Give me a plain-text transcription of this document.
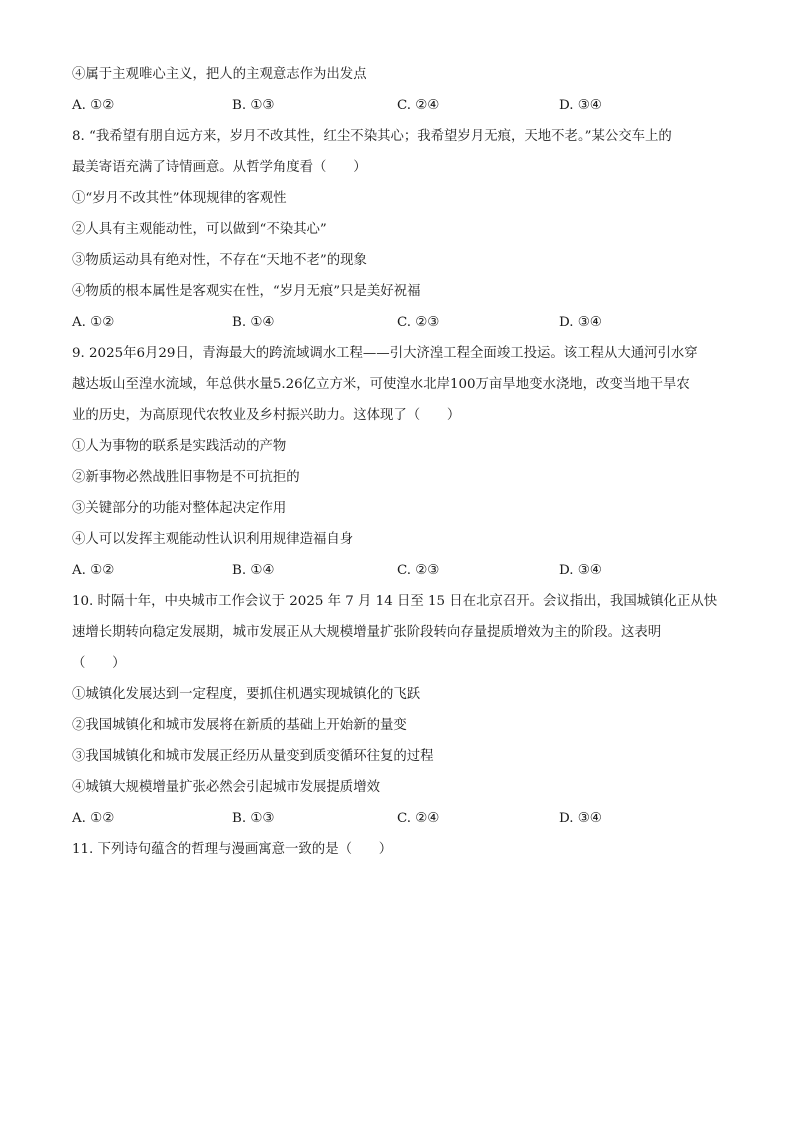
④属于主观唯心主义，把人的主观意志作为出发点
A. ①②	B. ①③	C. ②④	D. ③④
8. “我希望有朋自远方来，岁月不改其性，红尘不染其心；我希望岁月无痕，天地不老。”某公交车上的
最美寄语充满了诗情画意。从哲学角度看（　　）
①“岁月不改其性”体现规律的客观性
②人具有主观能动性，可以做到“不染其心”
③物质运动具有绝对性，不存在“天地不老”的现象
④物质的根本属性是客观实在性，“岁月无痕”只是美好祝福
A. ①②	B. ①④	C. ②③	D. ③④
9. 2025年6月29日，青海最大的跨流域调水工程——引大济湟工程全面竣工投运。该工程从大通河引水穿
越达坂山至湟水流域，年总供水量5.26亿立方米，可使湟水北岸100万亩旱地变水浇地，改变当地干旱农
业的历史，为高原现代农牧业及乡村振兴助力。这体现了（　　）
①人为事物的联系是实践活动的产物
②新事物必然战胜旧事物是不可抗拒的
③关键部分的功能对整体起决定作用
④人可以发挥主观能动性认识利用规律造福自身
A. ①②	B. ①④	C. ②③	D. ③④
10. 时隔十年，中央城市工作会议于 2025 年 7 月 14 日至 15 日在北京召开。会议指出，我国城镇化正从快
速增长期转向稳定发展期，城市发展正从大规模增量扩张阶段转向存量提质增效为主的阶段。这表明
（　　）
①城镇化发展达到一定程度，要抓住机遇实现城镇化的飞跃
②我国城镇化和城市发展将在新质的基础上开始新的量变
③我国城镇化和城市发展正经历从量变到质变循环往复的过程
④城镇大规模增量扩张必然会引起城市发展提质增效
A. ①②	B. ①③	C. ②④	D. ③④
11. 下列诗句蕴含的哲理与漫画寓意一致的是（　　）
